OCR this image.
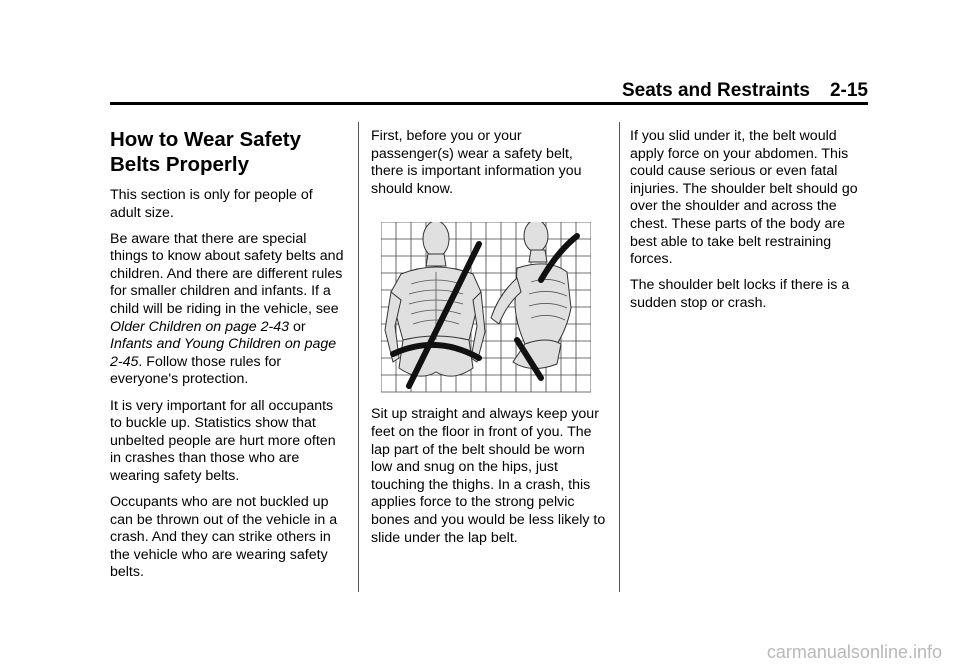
Seats and Restraints 2-15
How to Wear Safety Belts Properly

This section is only for people of adult size.

Be aware that there are special things to know about safety belts and children. And there are different rules for smaller children and infants. If a child will be riding in the vehicle, see Older Children on page 2-43 or Infants and Young Children on page 2-45. Follow those rules for everyone's protection.

It is very important for all occupants to buckle up. Statistics show that unbelted people are hurt more often in crashes than those who are wearing safety belts.

Occupants who are not buckled up can be thrown out of the vehicle in a crash. And they can strike others in the vehicle who are wearing safety belts.

First, before you or your passenger(s) wear a safety belt, there is important information you should know.

Sit up straight and always keep your feet on the floor in front of you. The lap part of the belt should be worn low and snug on the hips, just touching the thighs. In a crash, this applies force to the strong pelvic bones and you would be less likely to slide under the lap belt.

If you slid under it, the belt would apply force on your abdomen. This could cause serious or even fatal injuries. The shoulder belt should go over the shoulder and across the chest. These parts of the body are best able to take belt restraining forces.

The shoulder belt locks if there is a sudden stop or crash.

carmanualsonline.info
